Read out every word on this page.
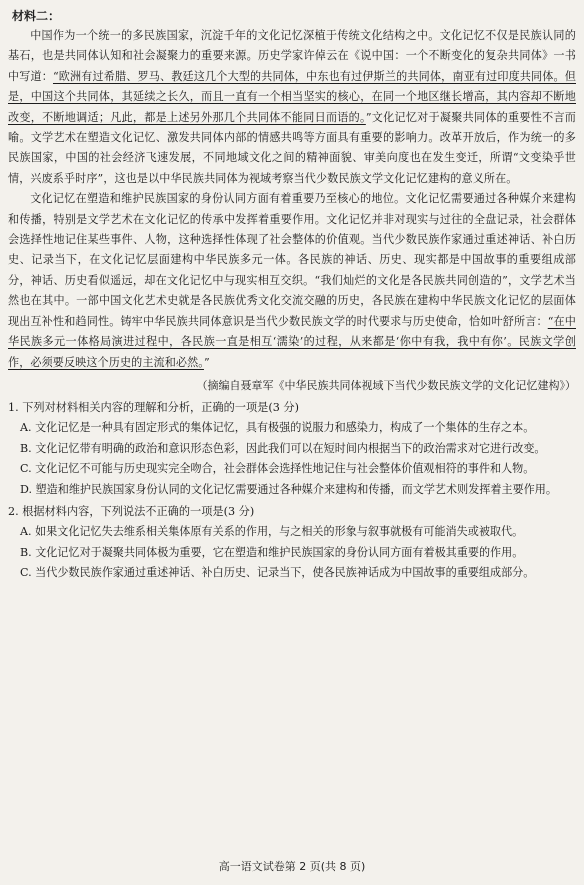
材料二：

中国作为一个统一的多民族国家，沉淀千年的文化记忆深植于传统文化结构之中。文化记忆不仅是民族认同的基石，也是共同体认知和社会凝聚力的重要来源。历史学家许倬云在《说中国：一个不断变化的复杂共同体》一书中写道：“欧洲有过希腊、罗马、教廷这几个大型的共同体，中东也有过伊斯兰的共同体，南亚有过印度共同体。但是，中国这个共同体，其延续之长久，而且一直有一个相当坚实的核心，在同一个地区继长增高，其内容却不断地改变，不断地调适；凡此，都是上述另外那几个共同体不能同日而语的。”文化记忆对于凝聚共同体的重要性不言而喻。文学艺术在塑造文化记忆、激发共同体内部的情感共鸣等方面具有重要的影响力。改革开放后，作为统一的多民族国家，中国的社会经济飞速发展，不同地域文化之间的精神面貌、审美向度也在发生变迁，所谓“文变染乎世情，兴废系乎时序”，这也是以中华民族共同体为视域考察当代少数民族文学文化记忆建构的意义所在。

文化记忆在塑造和维护民族国家的身份认同方面有着重要乃至核心的地位。文化记忆需要通过各种媒介来建构和传播，特别是文学艺术在文化记忆的传承中发挥着重要作用。文化记忆并非对现实与过往的全盘记录，社会群体会选择性地记住某些事件、人物，这种选择性体现了社会整体的价值观。当代少数民族作家通过重述神话、补白历史、记录当下，在文化记忆层面建构中华民族多元一体。各民族的神话、历史、现实都是中国故事的重要组成部分，神话、历史看似遥远，却在文化记忆中与现实相互交织。“我们灿烂的文化是各民族共同创造的”，文学艺术当然也在其中。一部中国文化艺术史就是各民族优秀文化交流交融的历史，各民族在建构中华民族文化记忆的层面体现出互补性和趋同性。铸牢中华民族共同体意识是当代少数民族文学的时代要求与历史使命，恰如叶舒所言：“在中华民族多元一体格局演进过程中，各民族一直是相互‘濡染’的过程，从来都是‘你中有我，我中有你’。民族文学创作，必须要反映这个历史的主流和必然。”

（摘编自聂章军《中华民族共同体视域下当代少数民族文学的文化记忆建构》）

1. 下列对材料相关内容的理解和分析，正确的一项是(3 分)

A. 文化记忆是一种具有固定形式的集体记忆，具有极强的说服力和感染力，构成了一个集体的生存之本。

B. 文化记忆带有明确的政治和意识形态色彩，因此我们可以在短时间内根据当下的政治需求对它进行改变。

C. 文化记忆不可能与历史现实完全吻合，社会群体会选择性地记住与社会整体价值观相符的事件和人物。

D. 塑造和维护民族国家身份认同的文化记忆需要通过各种媒介来建构和传播，而文学艺术则发挥着主要作用。

2. 根据材料内容，下列说法不正确的一项是(3 分)

A. 如果文化记忆失去维系相关集体原有关系的作用，与之相关的形象与叙事就极有可能消失或被取代。

B. 文化记忆对于凝聚共同体极为重要，它在塑造和维护民族国家的身份认同方面有着极其重要的作用。

C. 当代少数民族作家通过重述神话、补白历史、记录当下，使各民族神话成为中国故事的重要组成部分。

高一语文试卷第 2 页(共 8 页)
